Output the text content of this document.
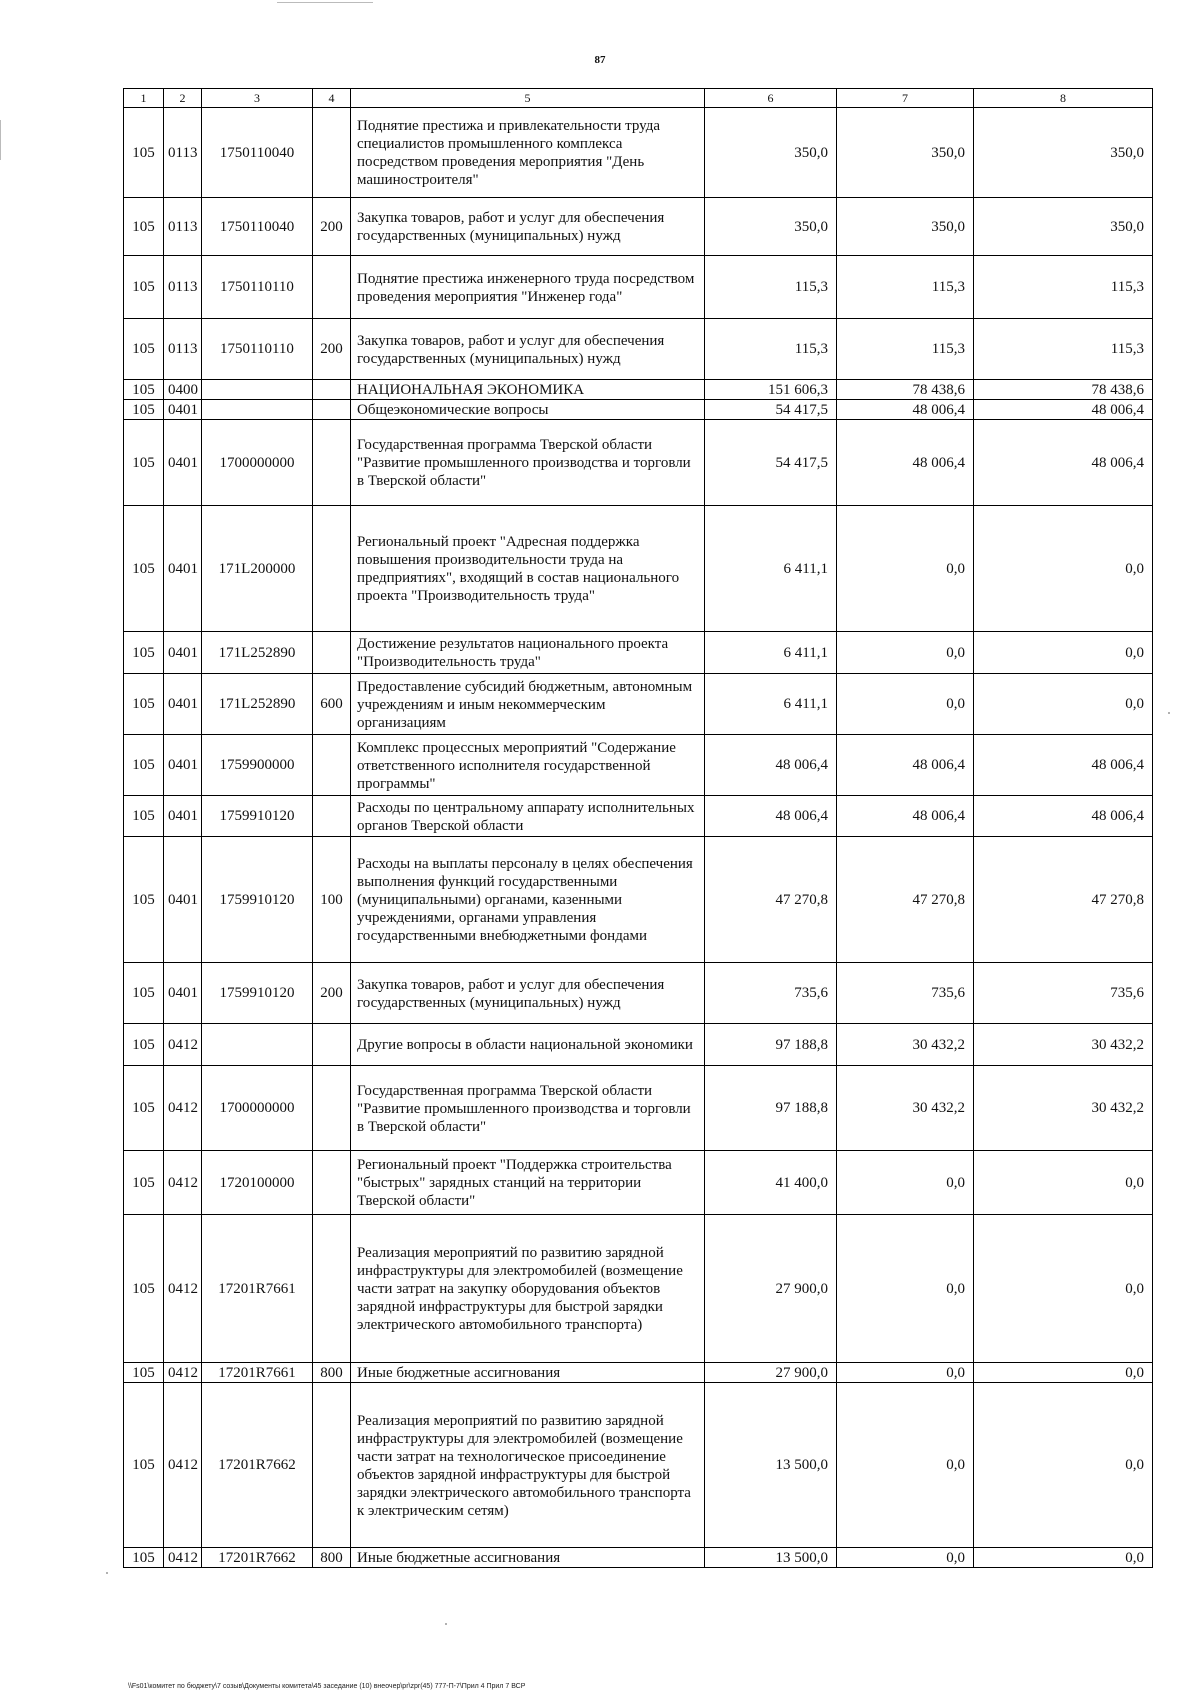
87
1	2	3	4	5	6	7	8
105	0113	1750110040		Поднятие престижа и привлекательности труда специалистов промышленного комплекса посредством проведения мероприятия "День машиностроителя"	350,0	350,0	350,0
105	0113	1750110040	200	Закупка товаров, работ и услуг для обеспечения государственных (муниципальных) нужд	350,0	350,0	350,0
105	0113	1750110110		Поднятие престижа инженерного труда посредством проведения мероприятия "Инженер года"	115,3	115,3	115,3
105	0113	1750110110	200	Закупка товаров, работ и услуг для обеспечения государственных (муниципальных) нужд	115,3	115,3	115,3
105	0400			НАЦИОНАЛЬНАЯ ЭКОНОМИКА	151 606,3	78 438,6	78 438,6
105	0401			Общеэкономические вопросы	54 417,5	48 006,4	48 006,4
105	0401	1700000000		Государственная программа Тверской области "Развитие промышленного производства и торговли в Тверской области"	54 417,5	48 006,4	48 006,4
105	0401	171L200000		Региональный проект "Адресная поддержка повышения производительности труда на предприятиях", входящий в состав национального проекта "Производительность труда"	6 411,1	0,0	0,0
105	0401	171L252890		Достижение результатов национального проекта "Производительность труда"	6 411,1	0,0	0,0
105	0401	171L252890	600	Предоставление субсидий бюджетным, автономным учреждениям и иным некоммерческим организациям	6 411,1	0,0	0,0
105	0401	1759900000		Комплекс процессных мероприятий "Содержание ответственного исполнителя государственной программы"	48 006,4	48 006,4	48 006,4
105	0401	1759910120		Расходы по центральному аппарату исполнительных органов Тверской области	48 006,4	48 006,4	48 006,4
105	0401	1759910120	100	Расходы на выплаты персоналу в целях обеспечения выполнения функций государственными (муниципальными) органами, казенными учреждениями, органами управления государственными внебюджетными фондами	47 270,8	47 270,8	47 270,8
105	0401	1759910120	200	Закупка товаров, работ и услуг для обеспечения государственных (муниципальных) нужд	735,6	735,6	735,6
105	0412			Другие вопросы в области национальной экономики	97 188,8	30 432,2	30 432,2
105	0412	1700000000		Государственная программа Тверской области "Развитие промышленного производства и торговли в Тверской области"	97 188,8	30 432,2	30 432,2
105	0412	1720100000		Региональный проект "Поддержка строительства "быстрых" зарядных станций на территории Тверской области"	41 400,0	0,0	0,0
105	0412	17201R7661		Реализация мероприятий по развитию зарядной инфраструктуры для электромобилей (возмещение части затрат на закупку оборудования объектов зарядной инфраструктуры для быстрой зарядки электрического автомобильного транспорта)	27 900,0	0,0	0,0
105	0412	17201R7661	800	Иные бюджетные ассигнования	27 900,0	0,0	0,0
105	0412	17201R7662		Реализация мероприятий по развитию зарядной инфраструктуры для электромобилей (возмещение части затрат на технологическое присоединение объектов зарядной инфраструктуры для быстрой зарядки электрического автомобильного транспорта к электрическим сетям)	13 500,0	0,0	0,0
105	0412	17201R7662	800	Иные бюджетные ассигнования	13 500,0	0,0	0,0
\\Fs01\комитет по бюджету\7 созыв\Документы комитета\45 заседание (10) внеочер\pr\zpr(45) 777-П-7\Прил 4 Прил 7 ВСР
